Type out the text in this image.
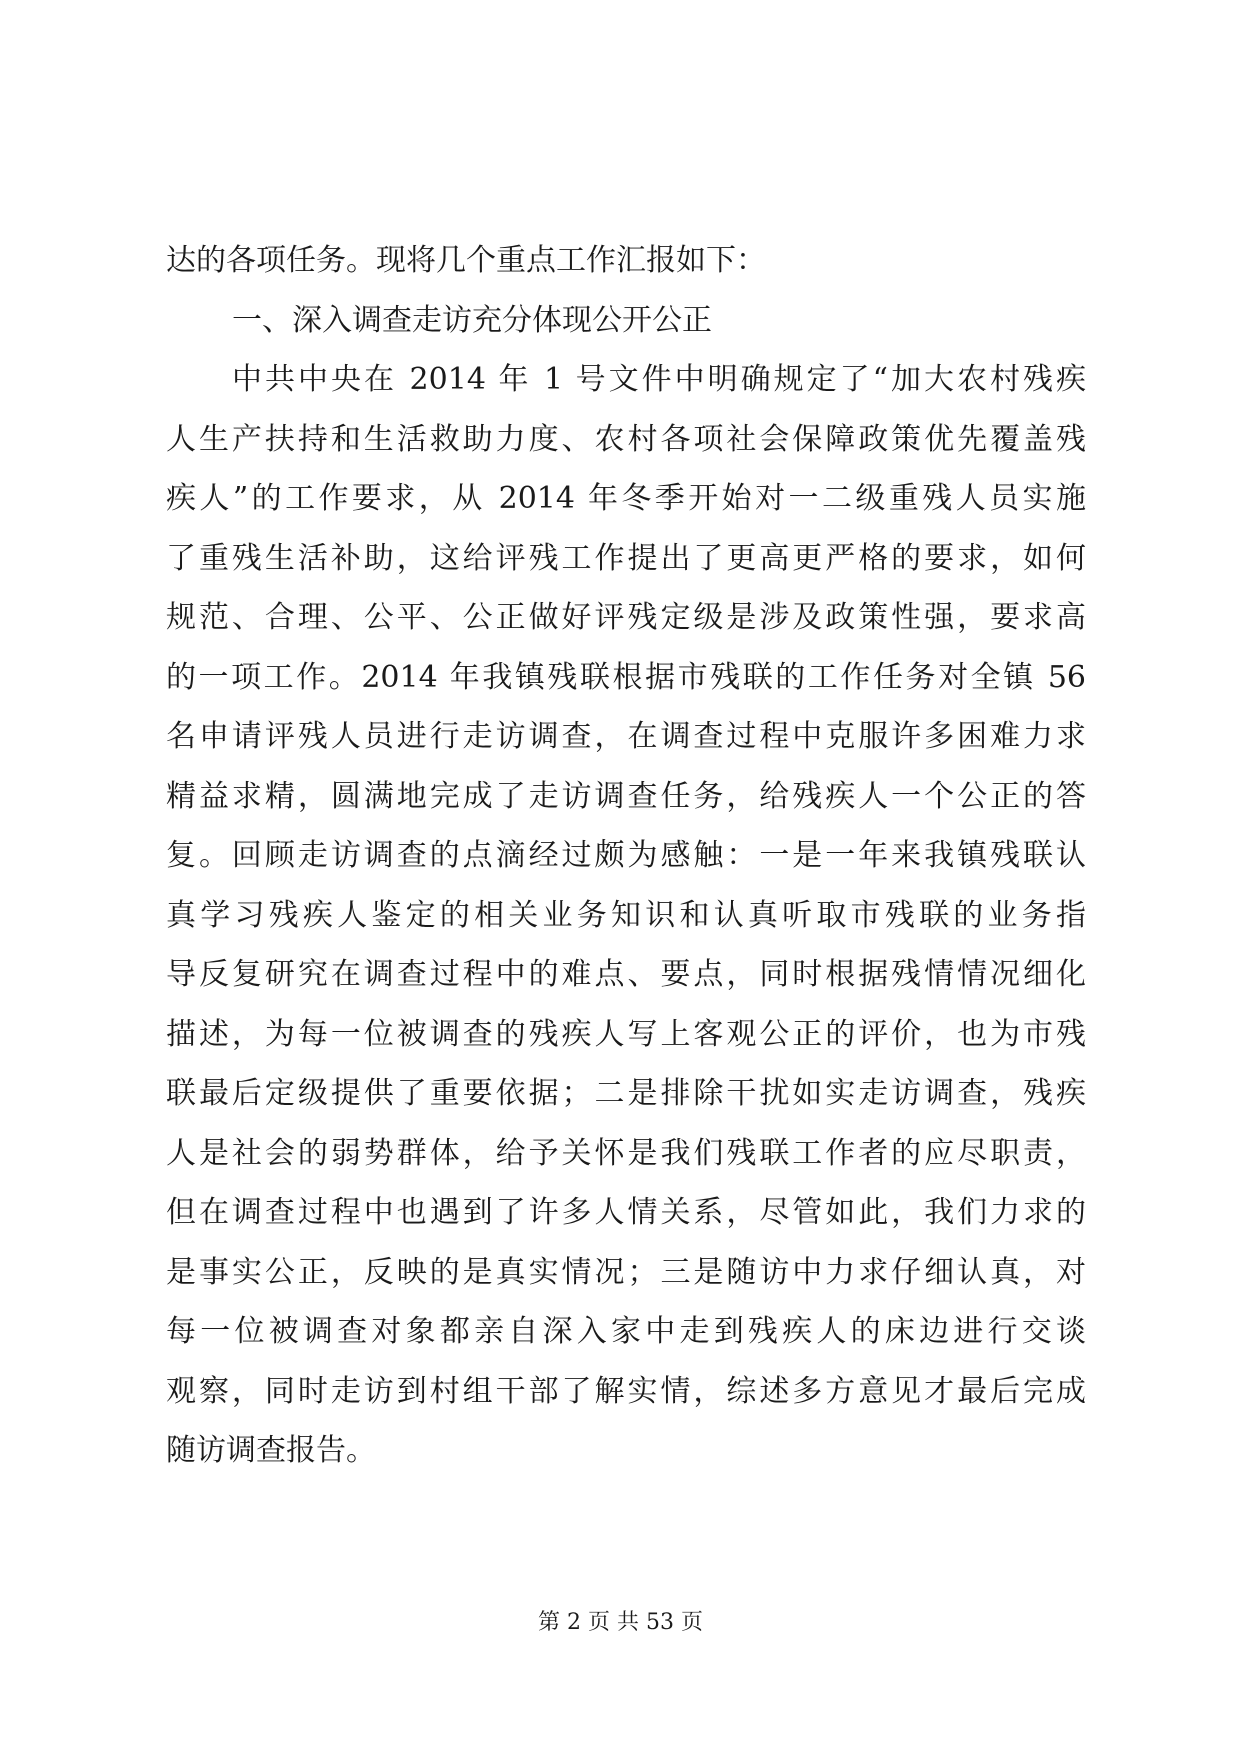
达的各项任务。现将几个重点工作汇报如下：
一、深入调查走访充分体现公开公正
中共中央在 2014 年 1 号文件中明确规定了“加大农村残疾
人生产扶持和生活救助力度、农村各项社会保障政策优先覆盖残
疾人”的工作要求，从 2014 年冬季开始对一二级重残人员实施
了重残生活补助，这给评残工作提出了更高更严格的要求，如何
规范、合理、公平、公正做好评残定级是涉及政策性强，要求高
的一项工作。2014 年我镇残联根据市残联的工作任务对全镇 56
名申请评残人员进行走访调查，在调查过程中克服许多困难力求
精益求精，圆满地完成了走访调查任务，给残疾人一个公正的答
复。回顾走访调查的点滴经过颇为感触：一是一年来我镇残联认
真学习残疾人鉴定的相关业务知识和认真听取市残联的业务指
导反复研究在调查过程中的难点、要点，同时根据残情情况细化
描述，为每一位被调查的残疾人写上客观公正的评价，也为市残
联最后定级提供了重要依据；二是排除干扰如实走访调查，残疾
人是社会的弱势群体，给予关怀是我们残联工作者的应尽职责，
但在调查过程中也遇到了许多人情关系，尽管如此，我们力求的
是事实公正，反映的是真实情况；三是随访中力求仔细认真，对
每一位被调查对象都亲自深入家中走到残疾人的床边进行交谈
观察，同时走访到村组干部了解实情，综述多方意见才最后完成
随访调查报告。
第 2 页 共 53 页
